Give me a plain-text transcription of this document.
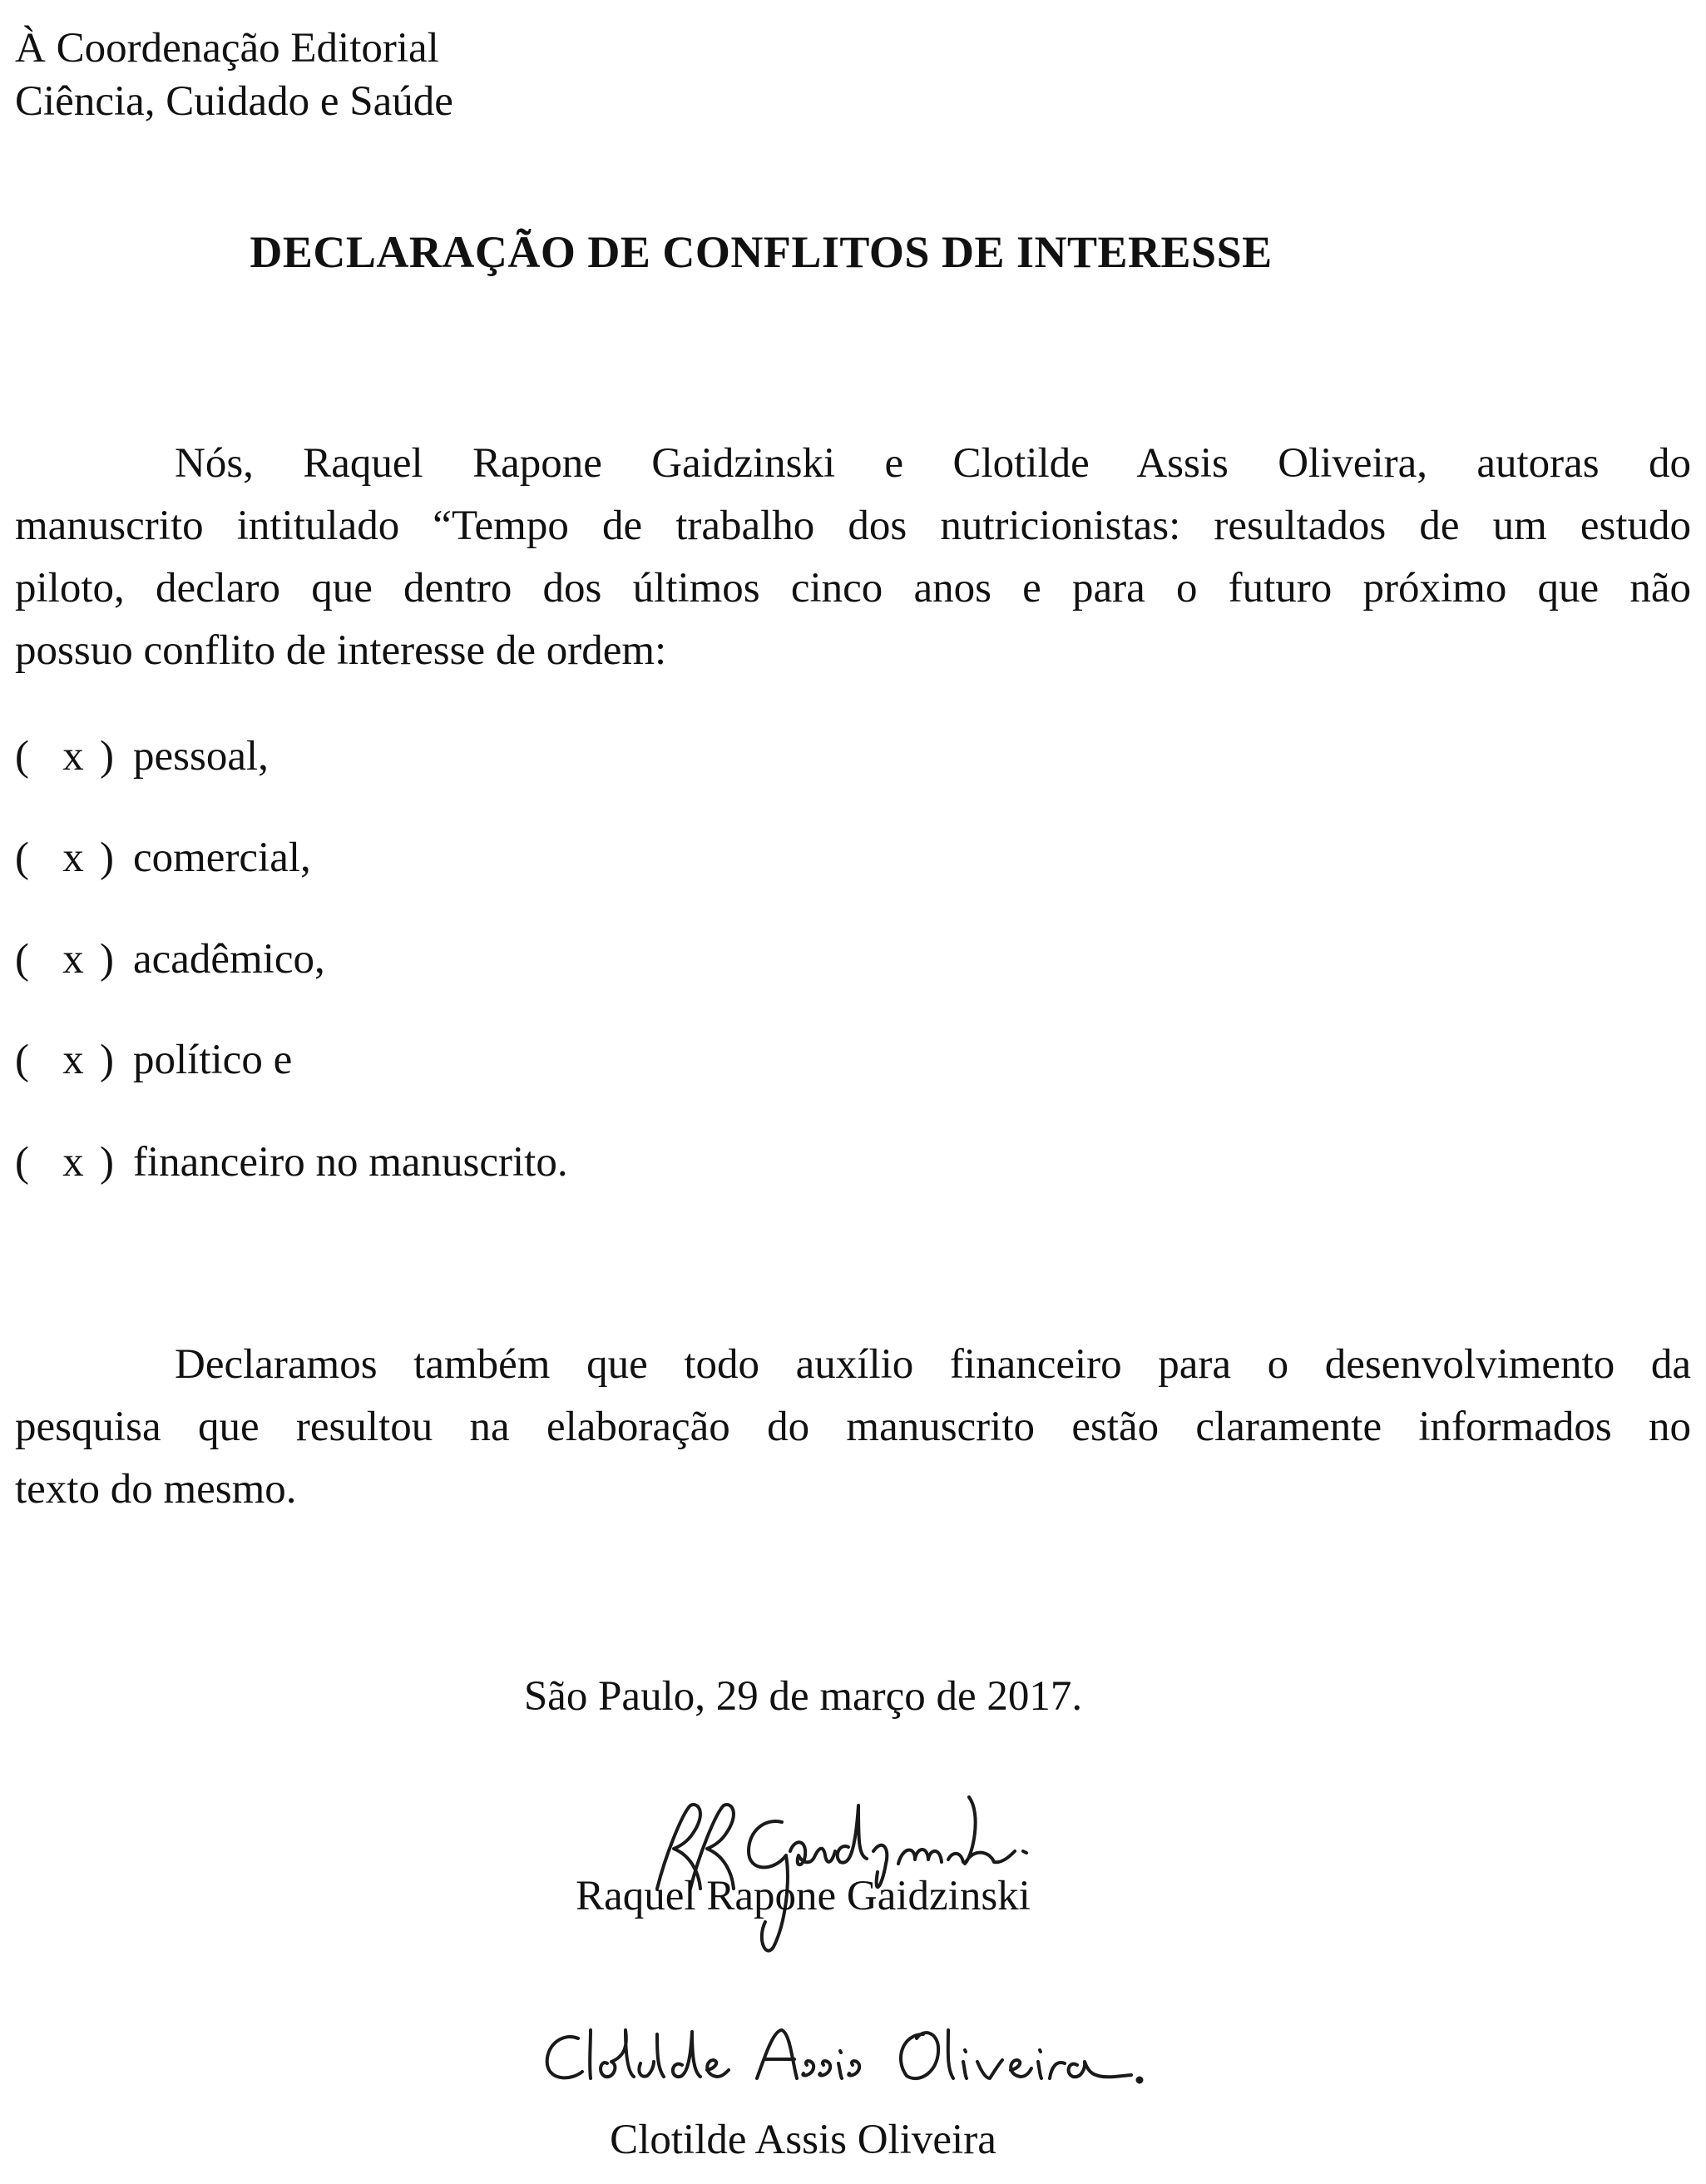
À Coordenação Editorial
Ciência, Cuidado e Saúde
DECLARAÇÃO DE CONFLITOS DE INTERESSE
Nós, Raquel Rapone Gaidzinski e Clotilde Assis Oliveira, autoras do
manuscrito intitulado “Tempo de trabalho dos nutricionistas: resultados de um estudo
piloto, declaro que dentro dos últimos cinco anos e para o futuro próximo que não
possuo conflito de interesse de ordem:
( x ) pessoal,
( x ) comercial,
( x ) acadêmico,
( x ) político e
( x ) financeiro no manuscrito.
Declaramos também que todo auxílio financeiro para o desenvolvimento da
pesquisa que resultou na elaboração do manuscrito estão claramente informados no
texto do mesmo.
São Paulo, 29 de março de 2017.
Raquel Rapone Gaidzinski
Clotilde Assis Oliveira
